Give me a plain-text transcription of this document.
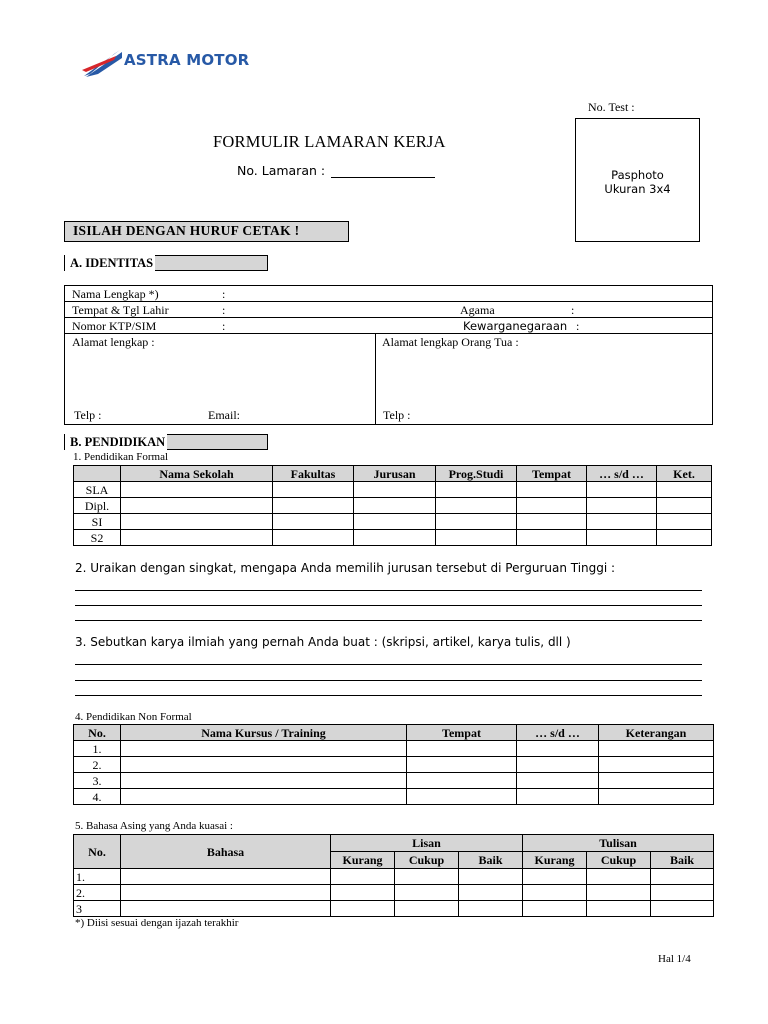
ASTRA MOTOR
No. Test :
Pasphoto
Ukuran 3x4
FORMULIR LAMARAN KERJA
No. Lamaran :
ISILAH DENGAN HURUF CETAK !
A. IDENTITAS
Nama Lengkap *)	:
Tempat & Tgl Lahir	:	Agama	:
Nomor KTP/SIM	:	Kewarganegaraan :
Alamat lengkap :	Alamat lengkap Orang Tua :
Telp :	Email:	Telp :
B. PENDIDIKAN
1. Pendidikan Formal
	Nama Sekolah	Fakultas	Jurusan	Prog.Studi	Tempat	… s/d …	Ket.
SLA							
Dipl.							
SI							
S2							
2. Uraikan dengan singkat, mengapa Anda memilih jurusan tersebut di Perguruan Tinggi :
3. Sebutkan karya ilmiah yang pernah Anda buat : (skripsi, artikel, karya tulis, dll )
4. Pendidikan Non Formal
No.	Nama Kursus / Training	Tempat	… s/d …	Keterangan
1.				
2.				
3.				
4.				
5. Bahasa Asing yang Anda kuasai :
No.	Bahasa	Lisan			Tulisan		
		Kurang	Cukup	Baik	Kurang	Cukup	Baik
1.							
2.							
3							
*) Diisi sesuai dengan ijazah terakhir
Hal 1/4
